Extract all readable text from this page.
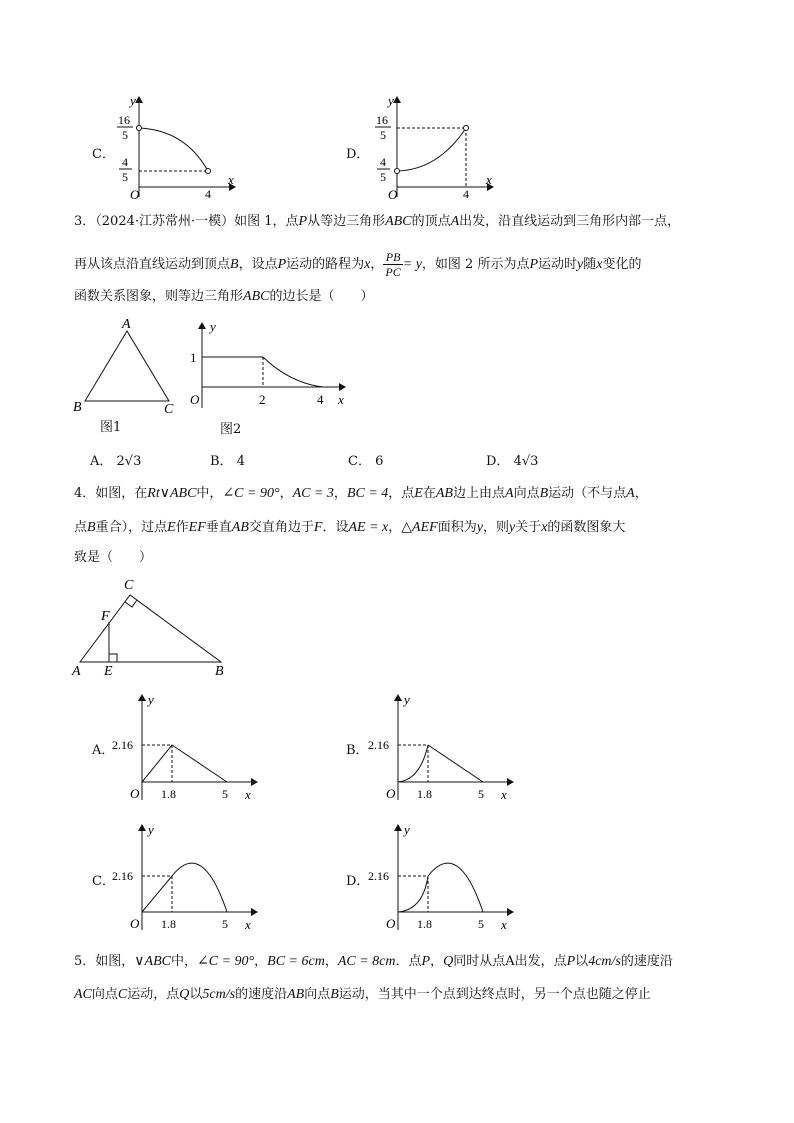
C．
y
x
O
16
5
4
5
4
D．
y
x
O
16
5
4
5
4
3．（2024·江苏常州·一模）如图 1，点P从等边三角形ABC的顶点A出发，沿直线运动到三角形内部一点，
再从该点沿直线运动到顶点B，设点P运动的路程为x， $\frac{PB}{PC} = y$，如图 2 所示为点P运动时y随x变化的
函数关系图象，则等边三角形ABC的边长是（　　）
A
B	C
图1
y
x
O
1
2	4
图2
A． 2√3	B． 4	C． 6	D． 4√3
4．如图，在Rt∨ABC中，∠C = 90°，AC = 3，BC = 4，点E在AB边上由点A向点B运动（不与点A，
点B重合），过点E作EF垂直AB交直角边于F．设AE = x，△AEF面积为y，则y关于x的函数图象大
致是（　　）
C
F
A E	B
A．
y
x
O
2.16
1.8	5
B．
y
x
O
2.16
1.8	5
C．
y
x
O
2.16
1.8	5
D．
y
x
O
2.16
1.8	5
5．如图，∨ABC中，∠C = 90°，BC = 6cm，AC = 8cm．点P，Q同时从点A出发，点P以4cm/s的速度沿
AC向点C运动，点Q以5cm/s的速度沿AB向点B运动，当其中一个点到达终点时，另一个点也随之停止
